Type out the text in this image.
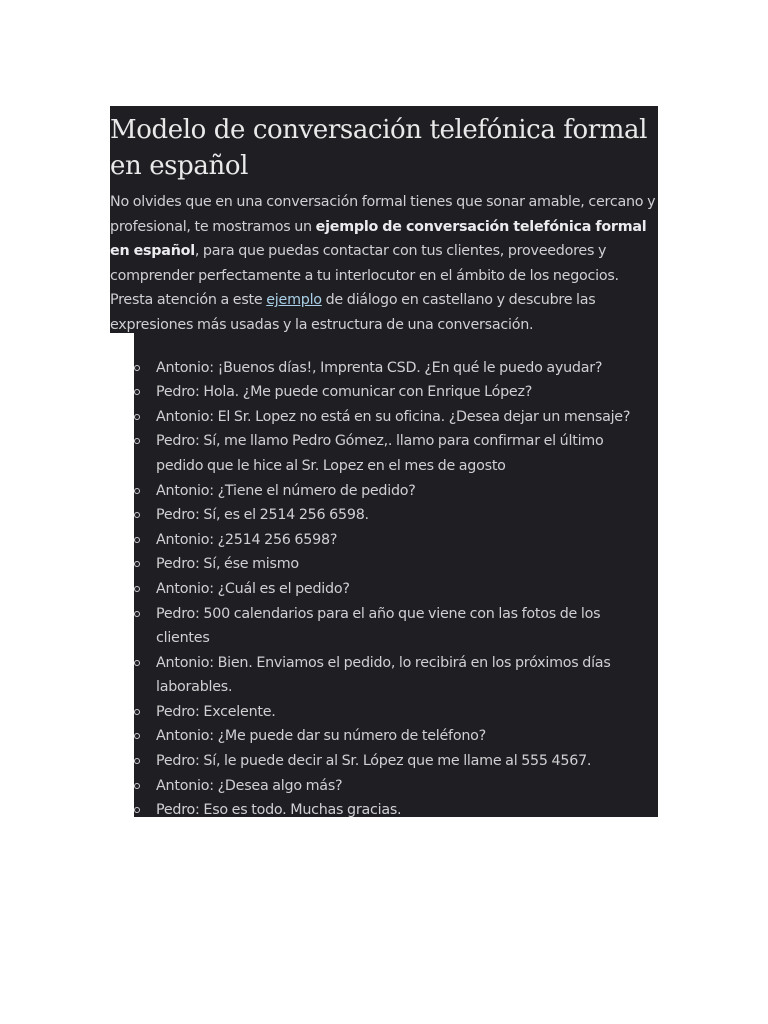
Modelo de conversación telefónica formal en español

No olvides que en una conversación formal tienes que sonar amable, cercano y profesional, te mostramos un ejemplo de conversación telefónica formal en español, para que puedas contactar con tus clientes, proveedores y comprender perfectamente a tu interlocutor en el ámbito de los negocios. Presta atención a este ejemplo de diálogo en castellano y descubre las expresiones más usadas y la estructura de una conversación.

Antonio: ¡Buenos días!, Imprenta CSD. ¿En qué le puedo ayudar?
Pedro: Hola. ¿Me puede comunicar con Enrique López?
Antonio: El Sr. Lopez no está en su oficina. ¿Desea dejar un mensaje?
Pedro: Sí, me llamo Pedro Gómez,. llamo para confirmar el último pedido que le hice al Sr. Lopez en el mes de agosto
Antonio: ¿Tiene el número de pedido?
Pedro: Sí, es el 2514 256 6598.
Antonio: ¿2514 256 6598?
Pedro: Sí, ése mismo
Antonio: ¿Cuál es el pedido?
Pedro: 500 calendarios para el año que viene con las fotos de los clientes
Antonio: Bien. Enviamos el pedido, lo recibirá en los próximos días laborables.
Pedro: Excelente.
Antonio: ¿Me puede dar su número de teléfono?
Pedro: Sí, le puede decir al Sr. López que me llame al 555 4567.
Antonio: ¿Desea algo más?
Pedro: Eso es todo. Muchas gracias.
